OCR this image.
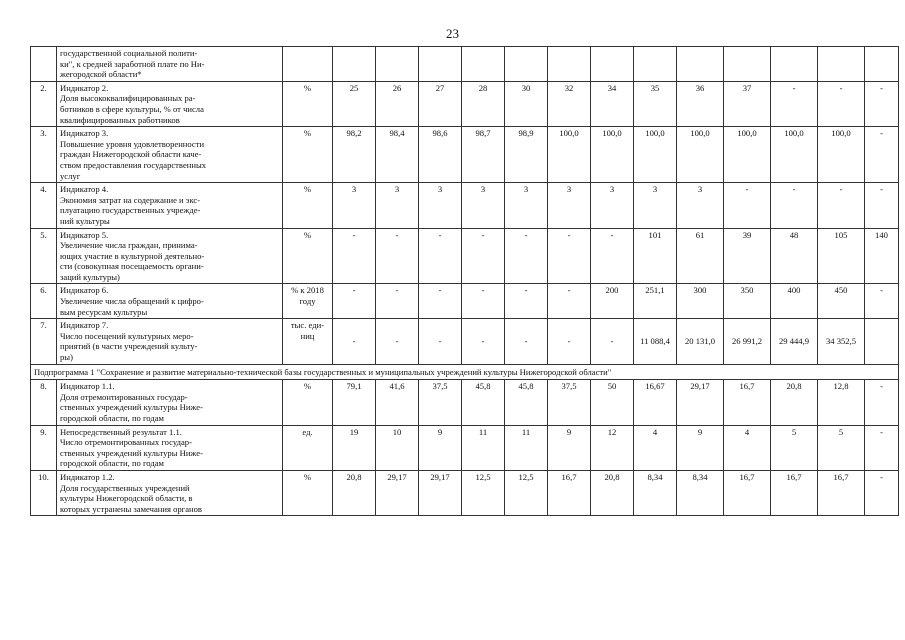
23

	государственной социальной полити-
ки", к средней заработной плате по Ни-
жегородской области*														

2.	Индикатор 2.
Доля высококвалифицированных ра-
ботников в сфере культуры, % от числа
квалифицированных работников	%	25	26	27	28	30	32	34	35	36	37	-	-	-
3.	Индикатор 3.
Повышение уровня удовлетворенности
граждан Нижегородской области каче-
ством предоставления государственных
услуг	%	98,2	98,4	98,6	98,7	98,9	100,0	100,0	100,0	100,0	100,0	100,0	100,0	-
4.	Индикатор 4.
Экономия затрат на содержание и экс-
плуатацию государственных учрежде-
ний культуры	%	3	3	3	3	3	3	3	3	3	-	-	-	-
5.	Индикатор 5.
Увеличение числа граждан, принима-
ющих участие в культурной деятельно-
сти (совокупная посещаемость органи-
заций культуры)	%	-	-	-	-	-	-	-	101	61	39	48	105	140
6.	Индикатор 6.
Увеличение числа обращений к цифро-
вым ресурсам культуры	% к 2018
году	-	-	-	-	-	-	200	251,1	300	350	400	450	-
7.	Индикатор 7.
Число посещений культурных меро-
приятий (в части учреждений культу-
ры)	тыс. еди-
ниц	-	-	-	-	-	-	-	11 088,4	20 131,0	26 991,2	29 444,9	34 352,5	
Подпрограмма 1 "Сохранение и развитие материально-технической базы государственных и муниципальных учреждений культуры Нижегородской области"															
8.	Индикатор 1.1.
Доля отремонтированных государ-
ственных учреждений культуры Ниже-
городской области, по годам	%	79,1	41,6	37,5	45,8	45,8	37,5	50	16,67	29,17	16,7	20,8	12,8	-
9.	Непосредственный результат 1.1.
Число отремонтированных государ-
ственных учреждений культуры Ниже-
городской области, по годам	ед.	19	10	9	11	11	9	12	4	9	4	5	5	-
10.	Индикатор 1.2.
Доля государственных учреждений
культуры Нижегородской области, в
которых устранены замечания органов	%	20,8	29,17	29,17	12,5	12,5	16,7	20,8	8,34	8,34	16,7	16,7	16,7	-
